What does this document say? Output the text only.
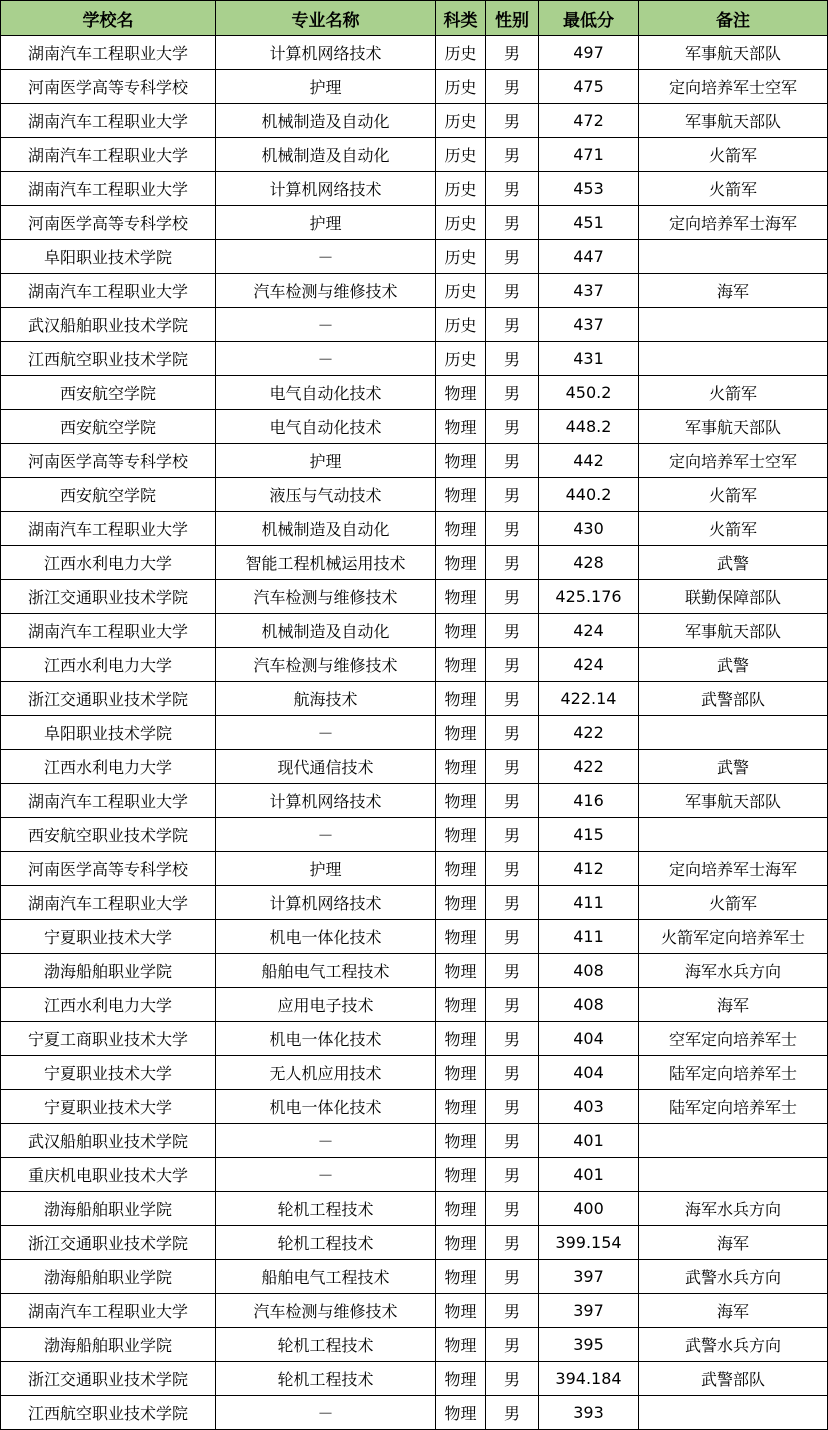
学校名	专业名称	科类	性别	最低分	备注
湖南汽车工程职业大学	计算机网络技术	历史	男	497	军事航天部队
河南医学高等专科学校	护理	历史	男	475	定向培养军士空军
湖南汽车工程职业大学	机械制造及自动化	历史	男	472	军事航天部队
湖南汽车工程职业大学	机械制造及自动化	历史	男	471	火箭军
湖南汽车工程职业大学	计算机网络技术	历史	男	453	火箭军
河南医学高等专科学校	护理	历史	男	451	定向培养军士海军
阜阳职业技术学院	－	历史	男	447	
湖南汽车工程职业大学	汽车检测与维修技术	历史	男	437	海军
武汉船舶职业技术学院	－	历史	男	437	
江西航空职业技术学院	－	历史	男	431	
西安航空学院	电气自动化技术	物理	男	450.2	火箭军
西安航空学院	电气自动化技术	物理	男	448.2	军事航天部队
河南医学高等专科学校	护理	物理	男	442	定向培养军士空军
西安航空学院	液压与气动技术	物理	男	440.2	火箭军
湖南汽车工程职业大学	机械制造及自动化	物理	男	430	火箭军
江西水利电力大学	智能工程机械运用技术	物理	男	428	武警
浙江交通职业技术学院	汽车检测与维修技术	物理	男	425.176	联勤保障部队
湖南汽车工程职业大学	机械制造及自动化	物理	男	424	军事航天部队
江西水利电力大学	汽车检测与维修技术	物理	男	424	武警
浙江交通职业技术学院	航海技术	物理	男	422.14	武警部队
阜阳职业技术学院	－	物理	男	422	
江西水利电力大学	现代通信技术	物理	男	422	武警
湖南汽车工程职业大学	计算机网络技术	物理	男	416	军事航天部队
西安航空职业技术学院	－	物理	男	415	
河南医学高等专科学校	护理	物理	男	412	定向培养军士海军
湖南汽车工程职业大学	计算机网络技术	物理	男	411	火箭军
宁夏职业技术大学	机电一体化技术	物理	男	411	火箭军定向培养军士
渤海船舶职业学院	船舶电气工程技术	物理	男	408	海军水兵方向
江西水利电力大学	应用电子技术	物理	男	408	海军
宁夏工商职业技术大学	机电一体化技术	物理	男	404	空军定向培养军士
宁夏职业技术大学	无人机应用技术	物理	男	404	陆军定向培养军士
宁夏职业技术大学	机电一体化技术	物理	男	403	陆军定向培养军士
武汉船舶职业技术学院	－	物理	男	401	
重庆机电职业技术大学	－	物理	男	401	
渤海船舶职业学院	轮机工程技术	物理	男	400	海军水兵方向
浙江交通职业技术学院	轮机工程技术	物理	男	399.154	海军
渤海船舶职业学院	船舶电气工程技术	物理	男	397	武警水兵方向
湖南汽车工程职业大学	汽车检测与维修技术	物理	男	397	海军
渤海船舶职业学院	轮机工程技术	物理	男	395	武警水兵方向
浙江交通职业技术学院	轮机工程技术	物理	男	394.184	武警部队
江西航空职业技术学院	－	物理	男	393	
